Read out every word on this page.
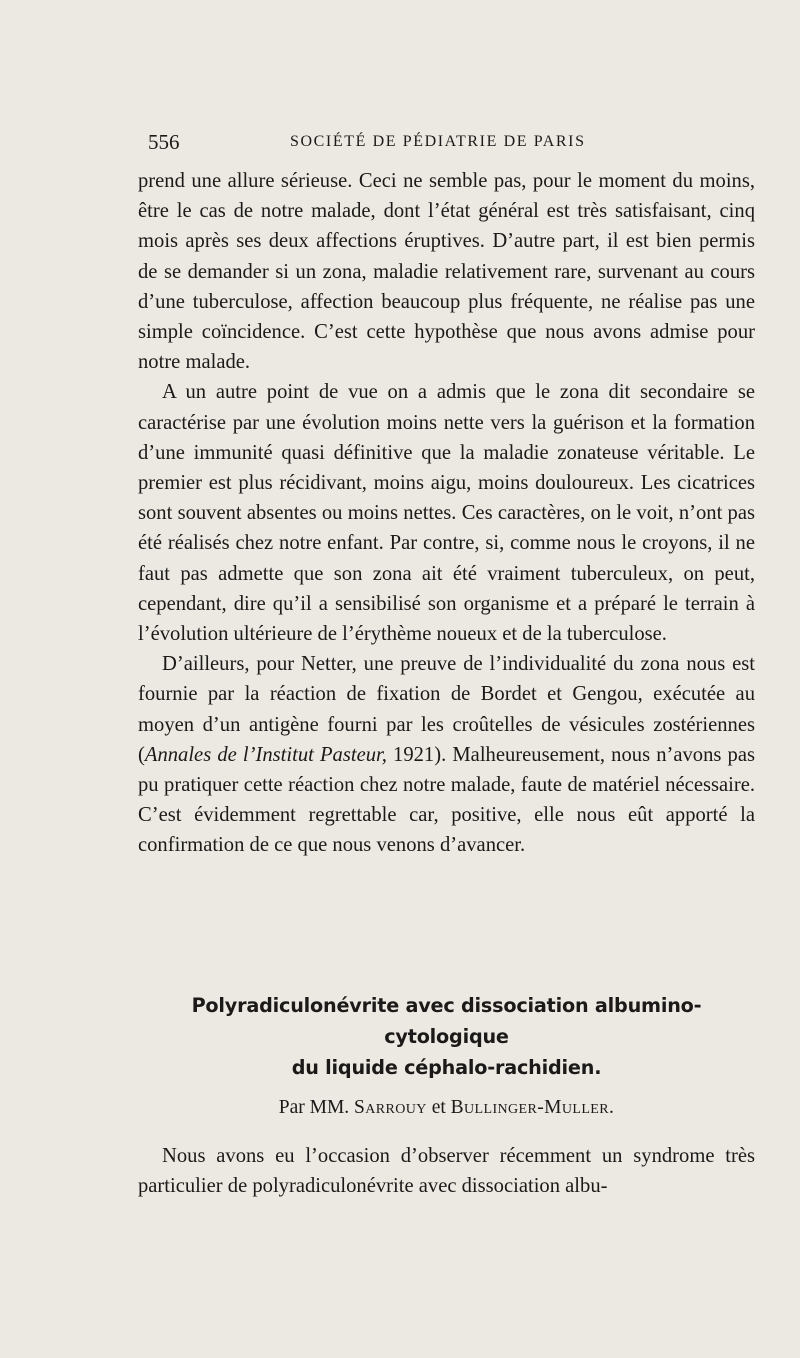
556	SOCIÉTÉ DE PÉDIATRIE DE PARIS

prend une allure sérieuse. Ceci ne semble pas, pour le moment du moins, être le cas de notre malade, dont l’état général est très satisfaisant, cinq mois après ses deux affections éruptives. D’autre part, il est bien permis de se demander si un zona, maladie relativement rare, survenant au cours d’une tuberculose, affection beaucoup plus fréquente, ne réalise pas une simple coïncidence. C’est cette hypothèse que nous avons admise pour notre malade.

A un autre point de vue on a admis que le zona dit secondaire se caractérise par une évolution moins nette vers la guérison et la formation d’une immunité quasi définitive que la maladie zonateuse véritable. Le premier est plus récidivant, moins aigu, moins douloureux. Les cicatrices sont souvent absentes ou moins nettes. Ces caractères, on le voit, n’ont pas été réalisés chez notre enfant. Par contre, si, comme nous le croyons, il ne faut pas admette que son zona ait été vraiment tuberculeux, on peut, cependant, dire qu’il a sensibilisé son organisme et a préparé le terrain à l’évolution ultérieure de l’érythème noueux et de la tuberculose.

D’ailleurs, pour Netter, une preuve de l’individualité du zona nous est fournie par la réaction de fixation de Bordet et Gengou, exécutée au moyen d’un antigène fourni par les croûtelles de vésicules zostériennes (Annales de l’Institut Pasteur, 1921). Malheureusement, nous n’avons pas pu pratiquer cette réaction chez notre malade, faute de matériel nécessaire. C’est évidemment regrettable car, positive, elle nous eût apporté la confirmation de ce que nous venons d’avancer.

Polyradiculonévrite avec dissociation albumino-cytologique
du liquide céphalo-rachidien.
Par MM. Sarrouy et Bullinger-Muller.

Nous avons eu l’occasion d’observer récemment un syndrome très particulier de polyradiculonévrite avec dissociation albu-
